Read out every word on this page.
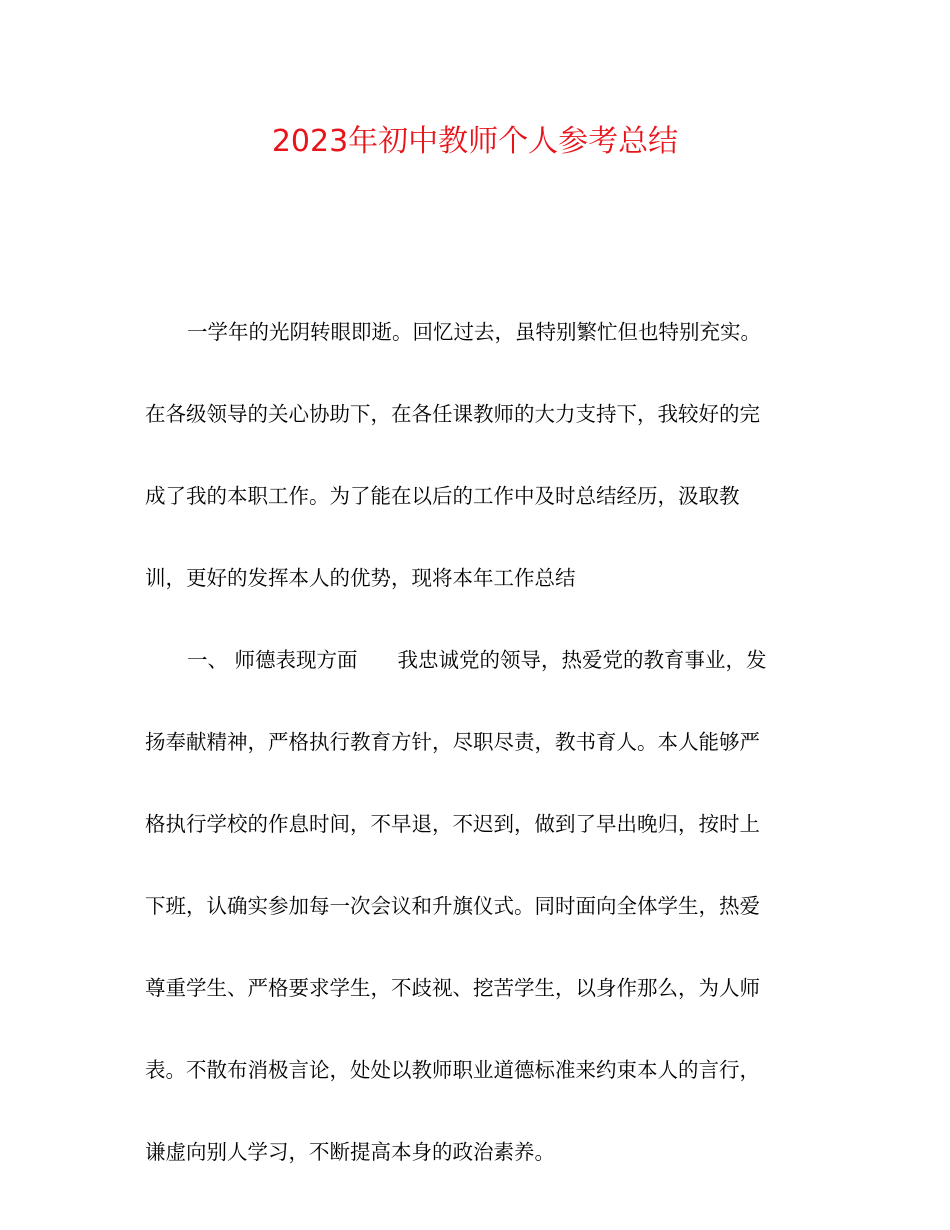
2023年初中教师个人参考总结
一学年的光阴转眼即逝。回忆过去，虽特别繁忙但也特别充实。
在各级领导的关心协助下，在各任课教师的大力支持下，我较好的完
成了我的本职工作。为了能在以后的工作中及时总结经历，汲取教
训，更好的发挥本人的优势，现将本年工作总结
一、 师德表现方面 我忠诚党的领导，热爱党的教育事业，发
扬奉献精神，严格执行教育方针，尽职尽责，教书育人。本人能够严
格执行学校的作息时间，不早退，不迟到，做到了早出晚归，按时上
下班，认确实参加每一次会议和升旗仪式。同时面向全体学生，热爱
尊重学生、严格要求学生，不歧视、挖苦学生，以身作那么，为人师
表。不散布消极言论，处处以教师职业道德标准来约束本人的言行，
谦虚向别人学习，不断提高本身的政治素养。
